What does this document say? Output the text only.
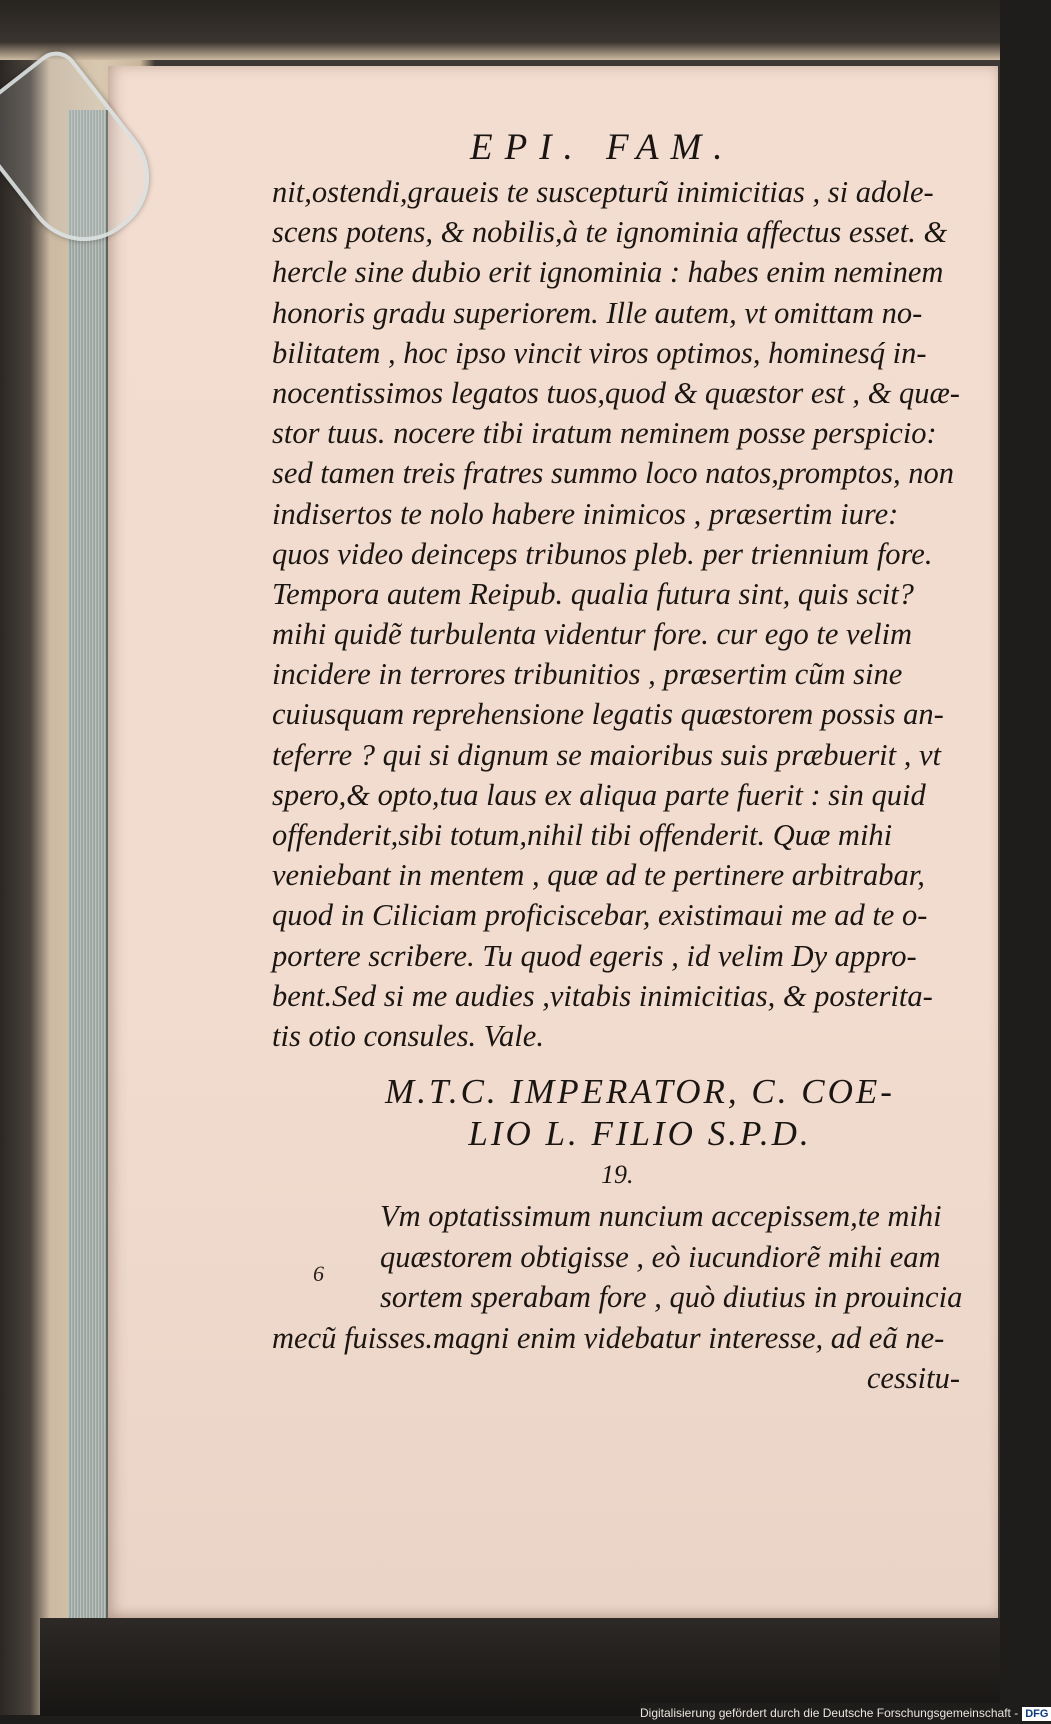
EPI. FAM.
nit,ostendi,graueis te suscepturũ inimicitias , si adole-
scens potens, & nobilis,à te ignominia affectus esset. &
hercle sine dubio erit ignominia : habes enim neminem
honoris gradu superiorem. Ille autem, vt omittam no-
bilitatem , hoc ipso vincit viros optimos, hominesq́ in-
nocentissimos legatos tuos,quod & quæstor est , & quæ-
stor tuus. nocere tibi iratum neminem posse perspicio:
sed tamen treis fratres summo loco natos,promptos, non
indisertos te nolo habere inimicos , præsertim iure:
quos video deinceps tribunos pleb. per triennium fore.
Tempora autem Reipub. qualia futura sint, quis scit?
mihi quidẽ turbulenta videntur fore. cur ego te velim
incidere in terrores tribunitios , præsertim cũm sine
cuiusquam reprehensione legatis quæstorem possis an-
teferre ? qui si dignum se maioribus suis præbuerit , vt
spero,& opto,tua laus ex aliqua parte fuerit : sin quid
offenderit,sibi totum,nihil tibi offenderit. Quæ mihi
veniebant in mentem , quæ ad te pertinere arbitrabar,
quod in Ciliciam proficiscebar, existimaui me ad te o-
portere scribere. Tu quod egeris , id velim Dy appro-
bent.Sed si me audies ,vitabis inimicitias, & posterita-
tis otio consules. Vale.
M.T.C. IMPERATOR, C. COE-
LIO L. FILIO S.P.D.
19.
6
Vm optatissimum nuncium accepissem,te mihi
quæstorem obtigisse , eò iucundiorẽ mihi eam
sortem sperabam fore , quò diutius in prouincia
mecũ fuisses.magni enim videbatur interesse, ad eã ne-
cessitu-
Digitalisierung gefördert durch die Deutsche Forschungsgemeinschaft - DFG
